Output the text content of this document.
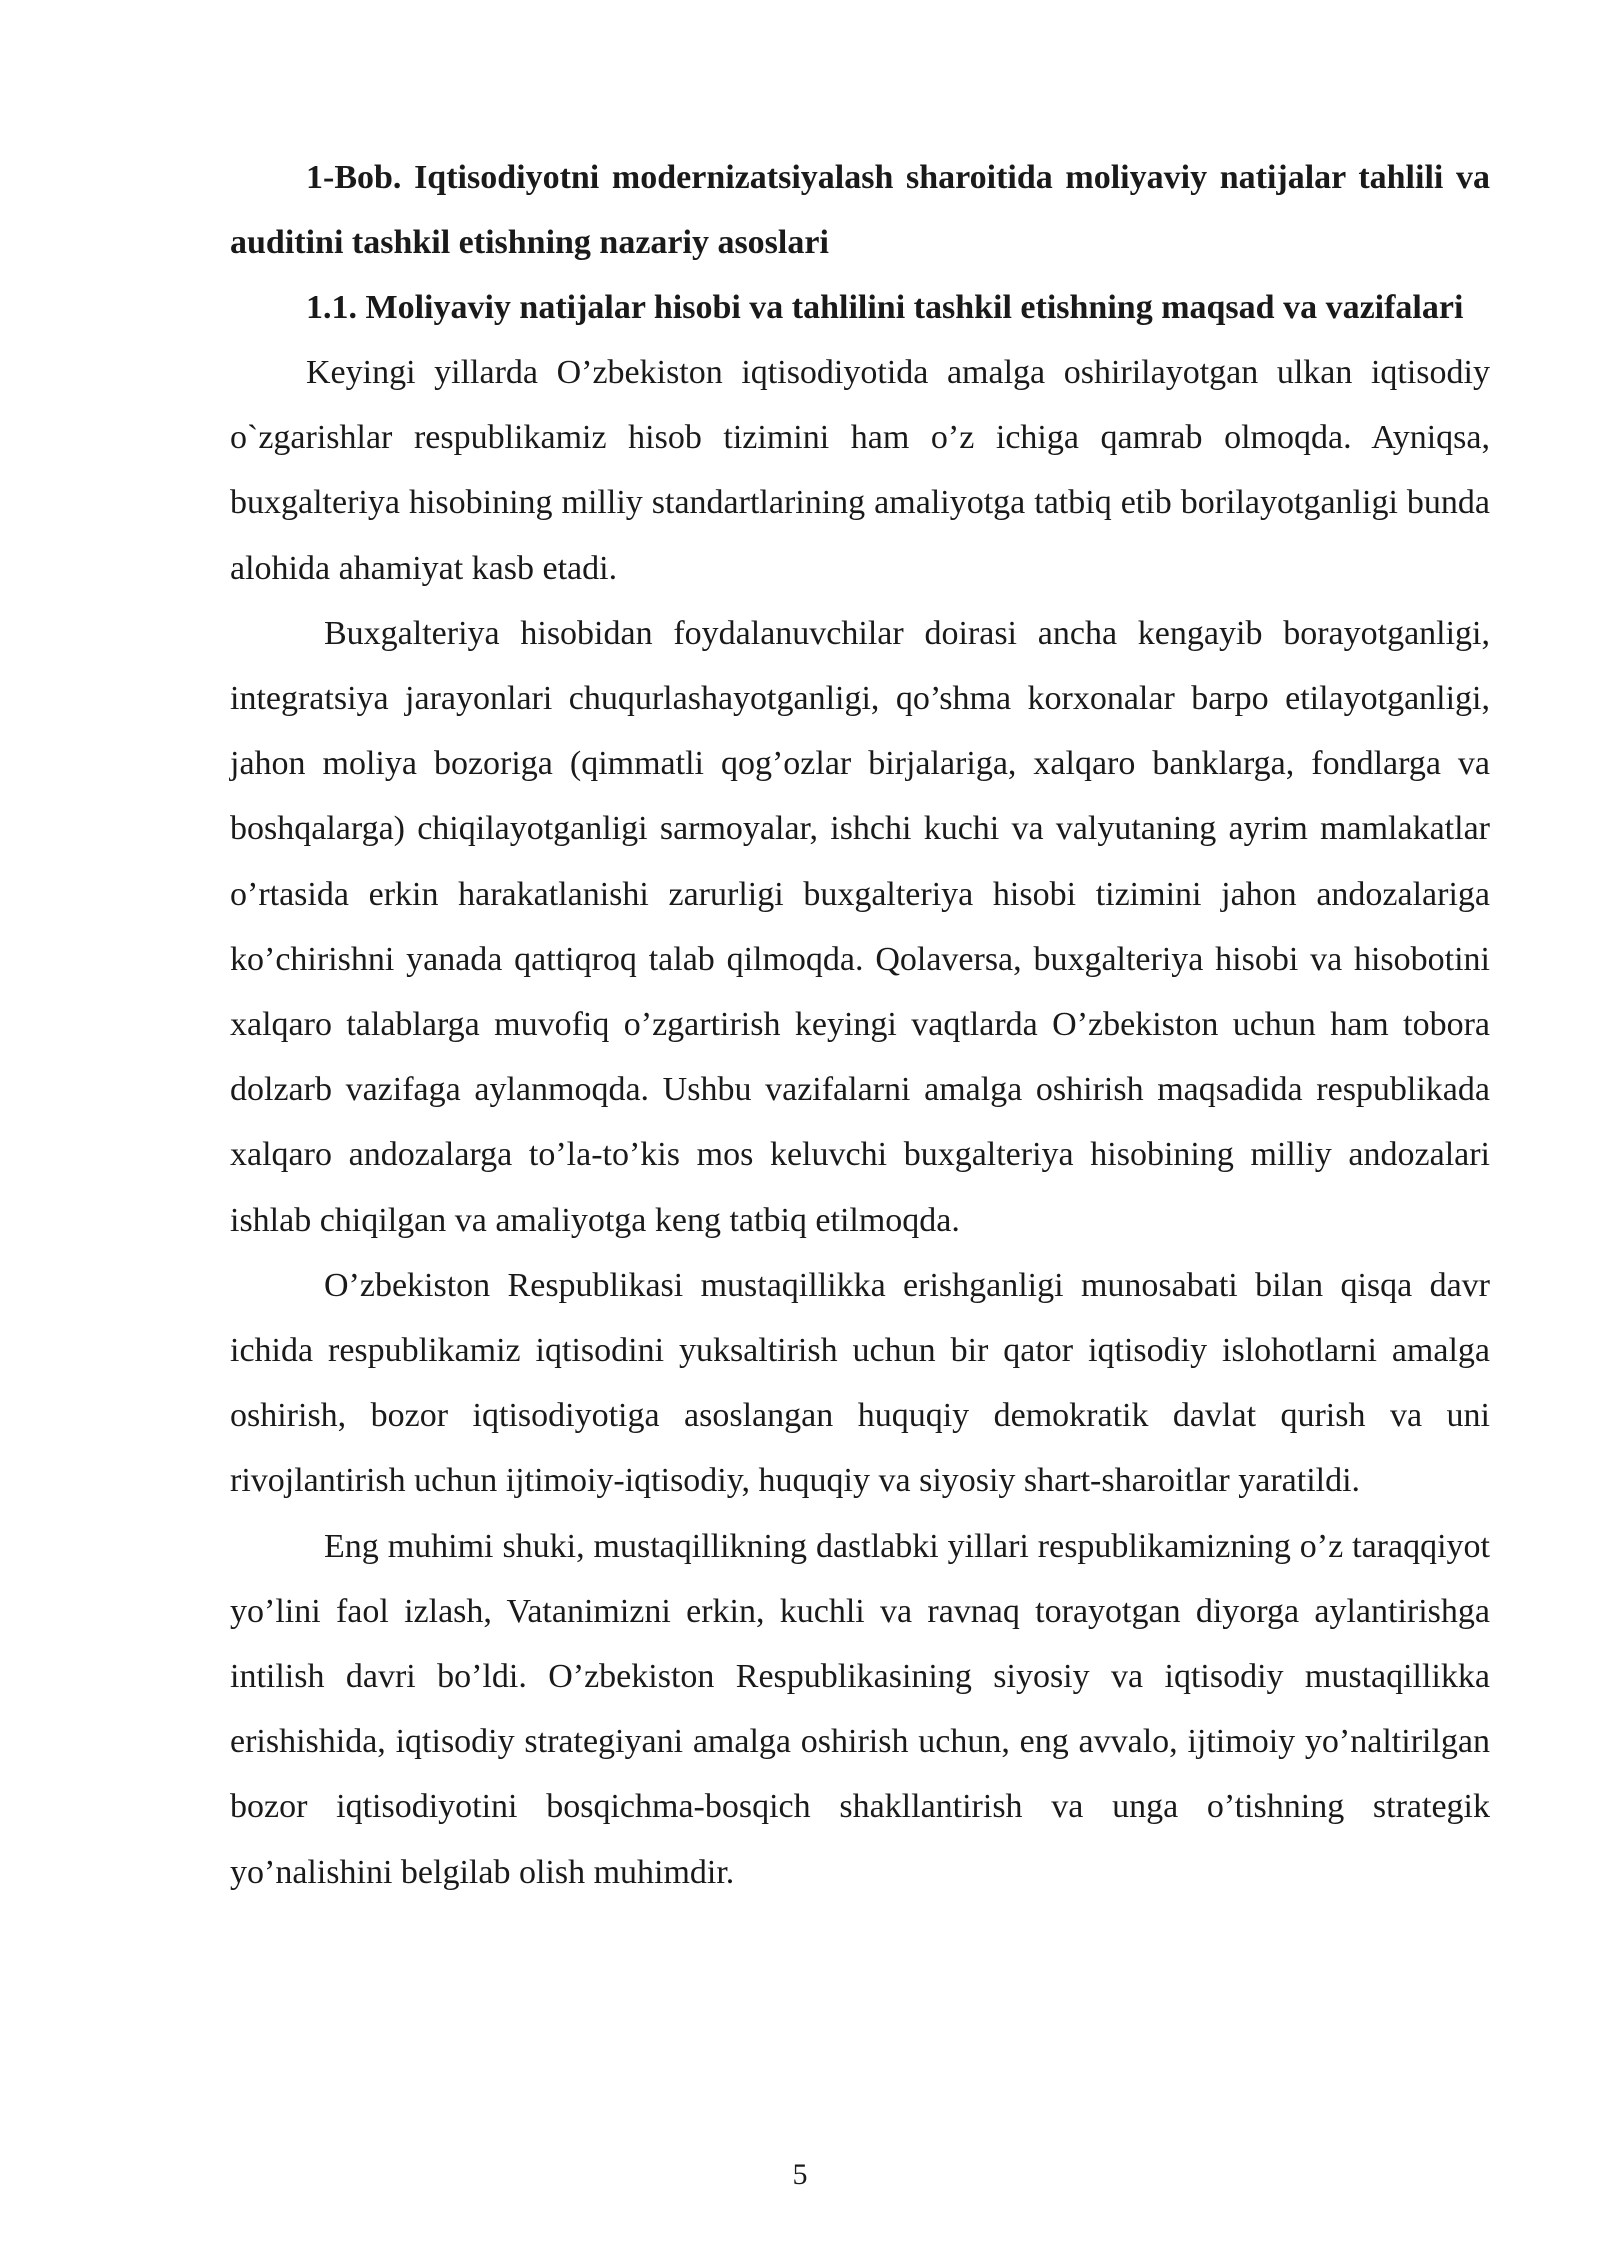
1-Bob. Iqtisodiyotni modernizatsiyalash sharoitida moliyaviy natijalar tahlili va auditini tashkil etishning nazariy asoslari

1.1. Moliyaviy natijalar hisobi va tahlilini tashkil etishning maqsad va vazifalari

Keyingi yillarda O’zbekiston iqtisodiyotida amalga oshirilayotgan ulkan iqtisodiy o`zgarishlar respublikamiz hisob tizimini ham o’z ichiga qamrab olmoqda. Ayniqsa, buxgalteriya hisobining milliy standartlarining amaliyotga tatbiq etib borilayotganligi bunda alohida ahamiyat kasb etadi.

Buxgalteriya hisobidan foydalanuvchilar doirasi ancha kengayib borayotganligi, integratsiya jarayonlari chuqurlashayotganligi, qo’shma korxonalar barpo etilayotganligi, jahon moliya bozoriga (qimmatli qog’ozlar birjalariga, xalqaro banklarga, fondlarga va boshqalarga) chiqilayotganligi sarmoyalar, ishchi kuchi va valyutaning ayrim mamlakatlar o’rtasida erkin harakatlanishi zarurligi buxgalteriya hisobi tizimini jahon andozalariga ko’chirishni yanada qattiqroq talab qilmoqda. Qolaversa, buxgalteriya hisobi va hisobotini xalqaro talablarga muvofiq o’zgartirish keyingi vaqtlarda O’zbekiston uchun ham tobora dolzarb vazifaga aylanmoqda. Ushbu vazifalarni amalga oshirish maqsadida respublikada xalqaro andozalarga to’la-to’kis mos keluvchi buxgalteriya hisobining milliy andozalari ishlab chiqilgan va amaliyotga keng tatbiq etilmoqda.

O’zbekiston Respublikasi mustaqillikka erishganligi munosabati bilan qisqa davr ichida respublikamiz iqtisodini yuksaltirish uchun bir qator iqtisodiy islohotlarni amalga oshirish, bozor iqtisodiyotiga asoslangan huquqiy demokratik davlat qurish va uni rivojlantirish uchun ijtimoiy-iqtisodiy, huquqiy va siyosiy shart-sharoitlar yaratildi.

Eng muhimi shuki, mustaqillikning dastlabki yillari respublikamizning o’z taraqqiyot yo’lini faol izlash, Vatanimizni erkin, kuchli va ravnaq torayotgan diyorga aylantirishga intilish davri bo’ldi. O’zbekiston Respublikasining siyosiy va iqtisodiy mustaqillikka erishishida, iqtisodiy strategiyani amalga oshirish uchun, eng avvalo, ijtimoiy yo’naltirilgan bozor iqtisodiyotini bosqichma-bosqich shakllantirish va unga o’tishning strategik yo’nalishini belgilab olish muhimdir.

5
